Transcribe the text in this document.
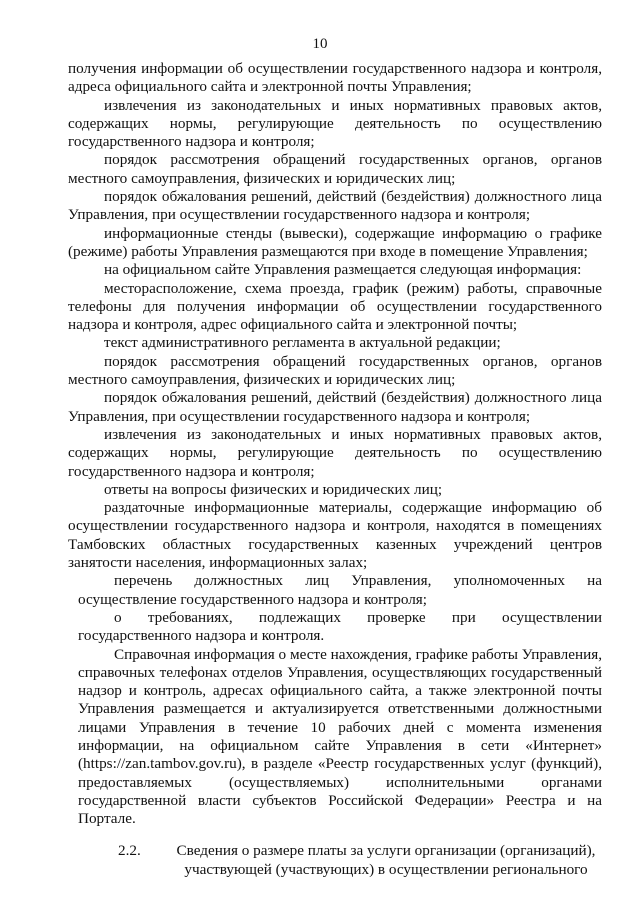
10

получения информации об осуществлении государственного надзора и контроля, адреса официального сайта и электронной почты Управления;

извлечения из законодательных и иных нормативных правовых актов, содержащих нормы, регулирующие деятельность по осуществлению государственного надзора и контроля;

порядок рассмотрения обращений государственных органов, органов местного самоуправления, физических и юридических лиц;

порядок обжалования решений, действий (бездействия) должностного лица Управления, при осуществлении государственного надзора и контроля;

информационные стенды (вывески), содержащие информацию о графике (режиме) работы Управления размещаются при входе в помещение Управления;

на официальном сайте Управления размещается следующая информация:

месторасположение, схема проезда, график (режим) работы, справочные телефоны для получения информации об осуществлении государственного надзора и контроля, адрес официального сайта и электронной почты;

текст административного регламента в актуальной редакции;

порядок рассмотрения обращений государственных органов, органов местного самоуправления, физических и юридических лиц;

порядок обжалования решений, действий (бездействия) должностного лица Управления, при осуществлении государственного надзора и контроля;

извлечения из законодательных и иных нормативных правовых актов, содержащих нормы, регулирующие деятельность по осуществлению государственного надзора и контроля;

ответы на вопросы физических и юридических лиц;

раздаточные информационные материалы, содержащие информацию об осуществлении государственного надзора и контроля, находятся в помещениях Тамбовских областных государственных казенных учреждений центров занятости населения, информационных залах;

перечень должностных лиц Управления, уполномоченных на осуществление государственного надзора и контроля;

о требованиях, подлежащих проверке при осуществлении государственного надзора и контроля.

Справочная информация о месте нахождения, графике работы Управления, справочных телефонах отделов Управления, осуществляющих государственный надзор и контроль, адресах официального сайта, а также электронной почты Управления размещается и актуализируется ответственными должностными лицами Управления в течение 10 рабочих дней с момента изменения информации, на официальном сайте Управления в сети «Интернет» (https://zan.tambov.gov.ru), в разделе «Реестр государственных услуг (функций), предоставляемых (осуществляемых) исполнительными органами государственной власти субъектов Российской Федерации» Реестра и на Портале.

2.2.	Сведения о размере платы за услуги организации (организаций), участвующей (участвующих) в осуществлении регионального
